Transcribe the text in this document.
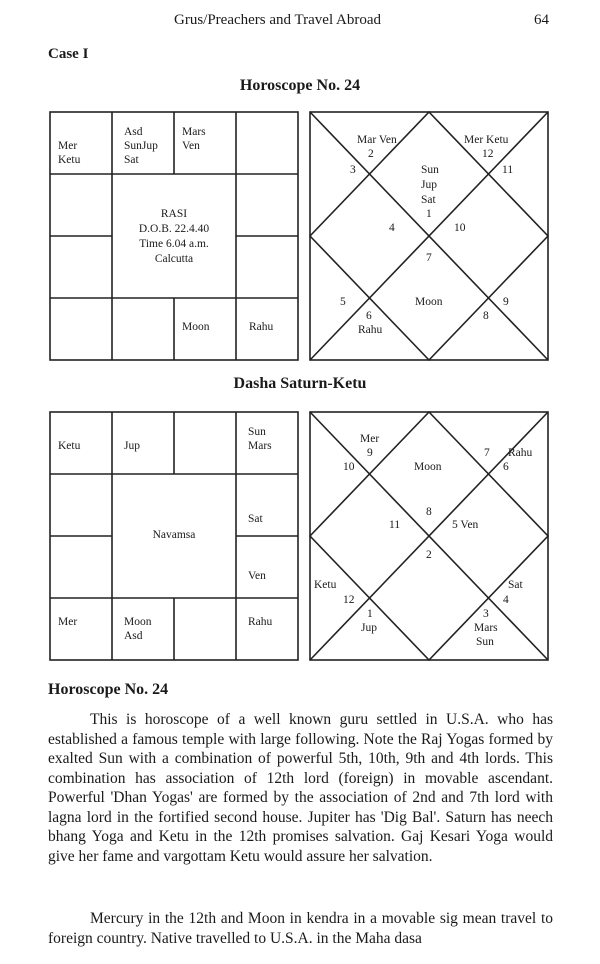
Grus/Preachers and Travel Abroad	64
Case I
Horoscope No. 24
Mar Ven
2
Mer Ketu
12
3	11
Sun
Jup
Sat
1
4	10
7
5	Moon	9
6	8
Rahu
Mer
9
10	Moon
7 Rahu
6
8
11	5 Ven
2
Ketu	Sat
12	4
1
Jup
3
Mars
Sun
Mer
Ketu
Asd
SunJup
Sat
Mars
Ven
RASI
D.O.B. 22.4.40
Time 6.04 a.m.
Calcutta
Moon	Rahu
Dasha Saturn-Ketu
Ketu	Jup
Sun
Mars
Sat
Navamsa
Ven
Mer	Moon
Asd
Rahu
Horoscope No. 24
This is horoscope of a well known guru settled in U.S.A. who has established a famous temple with large following. Note the Raj Yogas formed by exalted Sun with a combination of powerful 5th, 10th, 9th and 4th lords. This combination has association of 12th lord (foreign) in movable ascendant. Powerful 'Dhan Yogas' are formed by the association of 2nd and 7th lord with lagna lord in the fortified second house. Jupiter has 'Dig Bal'. Saturn has neech bhang Yoga and Ketu in the 12th promises salvation. Gaj Kesari Yoga would give her fame and vargottam Ketu would assure her salvation.
Mercury in the 12th and Moon in kendra in a movable sig mean travel to foreign country. Native travelled to U.S.A. in the Maha dasa
